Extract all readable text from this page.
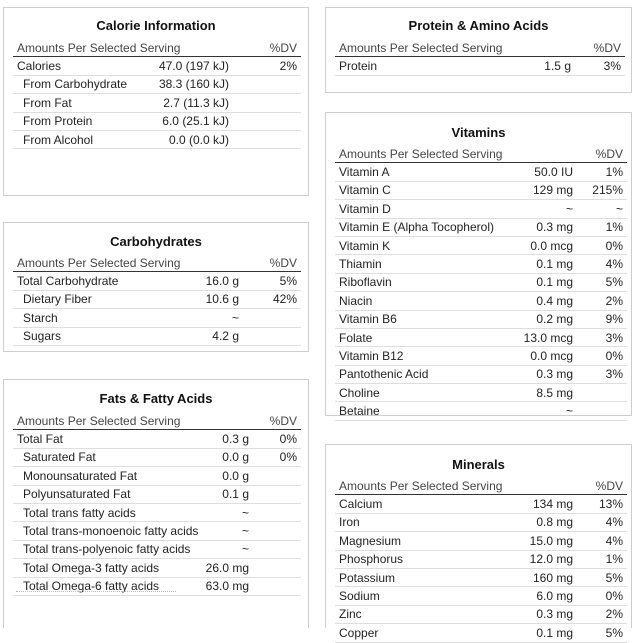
Calorie Information
Amounts Per Selected Serving		%DV
Calories	47.0 (197 kJ)	2%
From Carbohydrate	38.3 (160 kJ)	
From Fat	2.7 (11.3 kJ)	
From Protein	6.0 (25.1 kJ)	
From Alcohol	0.0 (0.0 kJ)	
Carbohydrates
Amounts Per Selected Serving		%DV
Total Carbohydrate	16.0 g	5%
Dietary Fiber	10.6 g	42%
Starch	~	
Sugars	4.2 g	
Fats & Fatty Acids
Amounts Per Selected Serving		%DV
Total Fat	0.3 g	0%
Saturated Fat	0.0 g	0%
Monounsaturated Fat	0.0 g	
Polyunsaturated Fat	0.1 g	
Total trans fatty acids	~	
Total trans-monoenoic fatty acids	~	
Total trans-polyenoic fatty acids	~	
Total Omega-3 fatty acids	26.0 mg	
Total Omega-6 fatty acids	63.0 mg	
Protein & Amino Acids
Amounts Per Selected Serving		%DV
Protein	1.5 g	3%
Vitamins
Amounts Per Selected Serving		%DV
Vitamin A	50.0 IU	1%
Vitamin C	129 mg	215%
Vitamin D	~	~
Vitamin E (Alpha Tocopherol)	0.3 mg	1%
Vitamin K	0.0 mcg	0%
Thiamin	0.1 mg	4%
Riboflavin	0.1 mg	5%
Niacin	0.4 mg	2%
Vitamin B6	0.2 mg	9%
Folate	13.0 mcg	3%
Vitamin B12	0.0 mcg	0%
Pantothenic Acid	0.3 mg	3%
Choline	8.5 mg	
Betaine	~	
Minerals
Amounts Per Selected Serving		%DV
Calcium	134 mg	13%
Iron	0.8 mg	4%
Magnesium	15.0 mg	4%
Phosphorus	12.0 mg	1%
Potassium	160 mg	5%
Sodium	6.0 mg	0%
Zinc	0.3 mg	2%
Copper	0.1 mg	5%
